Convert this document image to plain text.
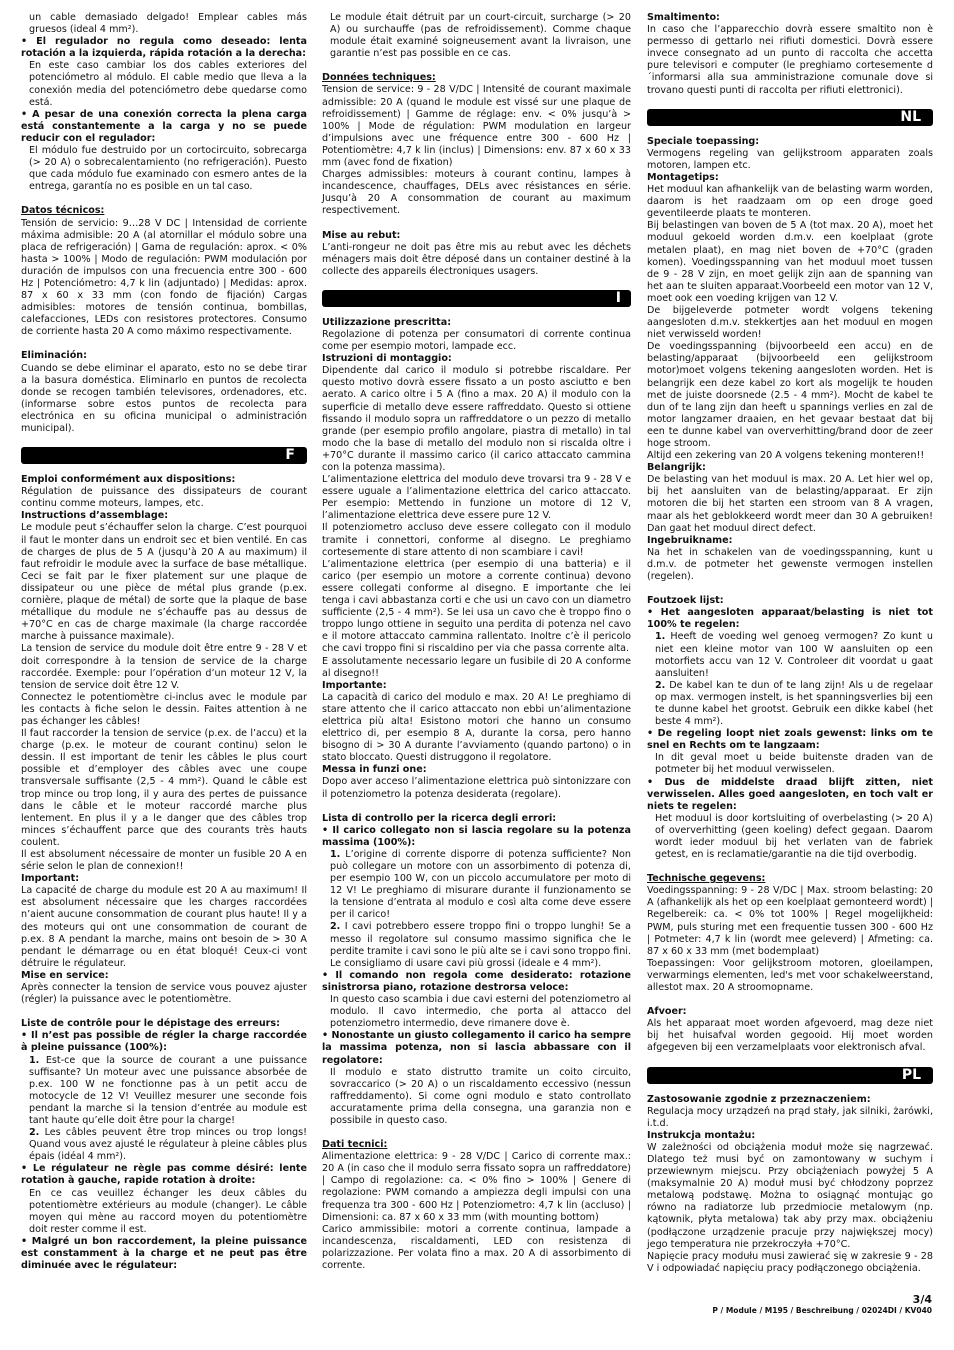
un cable demasiado delgado! Emplear cables más gruesos (ideal 4 mm²).

• El regulador no regula como deseado: lenta rotación a la izquierda, rápida rotación a la derecha:

En este caso cambiar los dos cables exteriores del potenciómetro al módulo. El cable medio que lleva a la conexión media del potenciómetro debe quedarse como está.

• A pesar de una conexión correcta la plena carga está constantemente a la carga y no se puede reducir con el regulador:

El módulo fue destruido por un cortocircuito, sobrecarga (> 20 A) o sobrecalentamiento (no refrigeración). Puesto que cada módulo fue examinado con esmero antes de la entrega, garantía no es posible en un tal caso.

Datos técnicos:

Tensión de servicio: 9…28 V DC | Intensidad de corriente máxima admisible: 20 A (al atornillar el módulo sobre una placa de refrigeración) | Gama de regulación: aprox. < 0% hasta > 100% | Modo de regulación: PWM modulación por duración de impulsos con una frecuencia entre 300 - 600 Hz | Potenciómetro: 4,7 k lin (adjuntado) | Medidas: aprox. 87 x 60 x 33 mm (con fondo de fijación) Cargas admisibles: motores de tensión continua, bombillas, calefacciones, LEDs con resistores protectores. Consumo de corriente hasta 20 A como máximo respectivamente.

Eliminación:

Cuando se debe eliminar el aparato, esto no se debe tirar a la basura doméstica. Eliminarlo en puntos de recolecta donde se recogen también televisores, ordenadores, etc. (informarse sobre estos puntos de recolecta para electrónica en su oficina municipal o administración municipal).

F

Emploi conformément aux dispositions:

Régulation de puissance des dissipateurs de courant continu comme moteurs, lampes, etc.

Instructions d’assemblage:

Le module peut s’échauffer selon la charge. C’est pourquoi il faut le monter dans un endroit sec et bien ventilé. En cas de charges de plus de 5 A (jusqu’à 20 A au maximum) il faut refroidir le module avec la surface de base métallique. Ceci se fait par le fixer platement sur une plaque de dissipateur ou une pièce de métal plus grande (p.ex. cornière, plaque de métal) de sorte que la plaque de base métallique du module ne s’échauffe pas au dessus de +70°C en cas de charge maximale (la charge raccordée marche à puissance maximale).

La tension de service du module doit être entre 9 - 28 V et doit correspondre à la tension de service de la charge raccordée. Exemple: pour l’opération d’un moteur 12 V, la tension de service doit être 12 V.

Connectez le potentiomètre ci-inclus avec le module par les contacts à fiche selon le dessin. Faites attention à ne pas échanger les câbles!

Il faut raccorder la tension de service (p.ex. de l’accu) et la charge (p.ex. le moteur de courant continu) selon le dessin. Il est important de tenir les câbles le plus court possible et d’employer des câbles avec une coupe transversale suffisante (2,5 - 4 mm²). Quand le câble est trop mince ou trop long, il y aura des pertes de puissance dans le câble et le moteur raccordé marche plus lentement. En plus il y a le danger que des câbles trop minces s’échauffent parce que des courants très hauts coulent.

Il est absolument nécessaire de monter un fusible 20 A en série selon le plan de connexion!!

Important:

La capacité de charge du module est 20 A au maximum! Il est absolument nécessaire que les charges raccordées n’aient aucune consommation de courant plus haute! Il y a des moteurs qui ont une consommation de courant de p.ex. 8 A pendant la marche, mains ont besoin de > 30 A pendant le démarrage ou en état bloqué! Ceux-ci vont détruire le régulateur.

Mise en service:

Après connecter la tension de service vous pouvez ajuster (régler) la puissance avec le potentiomètre.

Liste de contrôle pour le dépistage des erreurs:

• Il n’est pas possible de régler la charge raccordée à pleine puissance (100%):

1. Est-ce que la source de courant a une puissance suffisante? Un moteur avec une puissance absorbée de p.ex. 100 W ne fonctionne pas à un petit accu de motocycle de 12 V! Veuillez mesurer une seconde fois pendant la marche si la tension d’entrée au module est tant haute qu’elle doit être pour la charge!

2. Les câbles peuvent être trop minces ou trop longs! Quand vous avez ajusté le régulateur à pleine câbles plus épais (idéal 4 mm²).

• Le régulateur ne règle pas comme désiré: lente rotation à gauche, rapide rotation à droite:

En ce cas veuillez échanger les deux câbles du potentiomètre extérieurs au module (changer). Le câble moyen qui mène au raccord moyen du potentiomètre doit rester comme il est.

• Malgré un bon raccordement, la pleine puissance est constamment à la charge et ne peut pas être diminuée avec le régulateur:

Le module était détruit par un court-circuit, surcharge (> 20 A) ou surchauffe (pas de refroidissement). Comme chaque module était examiné soigneusement avant la livraison, une garantie n’est pas possible en ce cas.

Données techniques:

Tension de service: 9 - 28 V/DC | Intensité de courant maximale admissible: 20 A (quand le module est vissé sur une plaque de refroidissement) | Gamme de réglage: env. < 0% jusqu’à > 100% | Mode de régulation: PWM modulation en largeur d’impulsions avec une fréquence entre 300 - 600 Hz | Potentiomètre: 4,7 k lin (inclus) | Dimensions: env. 87 x 60 x 33 mm (avec fond de fixation)

Charges admissibles: moteurs à courant continu, lampes à incandescence, chauffages, DELs avec résistances en série. Jusqu’à 20 A consommation de courant au maximum respectivement.

Mise au rebut:

L’anti-rongeur ne doit pas être mis au rebut avec les déchets ménagers mais doit être déposé dans un container destiné à la collecte des appareils électroniques usagers.

I

Utilizzazione prescritta:

Regolazione di potenza per consumatori di corrente continua come per esempio motori, lampade ecc.

Istruzioni di montaggio:

Dipendente dal carico il modulo si potrebbe riscaldare. Per questo motivo dovrà essere fissato a un posto asciutto e ben aerato. A carico oltre i 5 A (fino a max. 20 A) il modulo con la superficie di metallo deve essere raffreddato. Questo si ottiene fissando il modulo sopra un raffreddatore o un pezzo di metallo grande (per esempio profilo angolare, piastra di metallo) in tal modo che la base di metallo del modulo non si riscalda oltre i +70°C durante il massimo carico (il carico attaccato cammina con la potenza massima).

L’alimentazione elettrica del modulo deve trovarsi tra 9 - 28 V e essere uguale a l’alimentazione elettrica del carico attaccato. Per esempio: Mettendo in funzione un motore di 12 V, l’alimentazione elettrica deve essere pure 12 V.

Il potenziometro accluso deve essere collegato con il modulo tramite i connettori, conforme al disegno. Le preghiamo cortesemente di stare attento di non scambiare i cavi!

L’alimentazione elettrica (per esempio di una batteria) e il carico (per esempio un motore a corrente continua) devono essere collegati conforme al disegno. E importante che lei tenga i cavi abbastanza corti e che usi un cavo con un diametro sufficiente (2,5 - 4 mm²). Se lei usa un cavo che è troppo fino o troppo lungo ottiene in seguito una perdita di potenza nel cavo e il motore attaccato cammina rallentato. Inoltre c’è il pericolo che cavi troppo fini si riscaldino per via che passa corrente alta.

E assolutamente necessario legare un fusibile di 20 A conforme al disegno!!

Importante:

La capacità di carico del modulo e max. 20 A! Le preghiamo di stare attento che il carico attaccato non ebbi un’alimentazione elettrica più alta! Esistono motori che hanno un consumo elettrico di, per esempio 8 A, durante la corsa, pero hanno bisogno di > 30 A durante l’avviamento (quando partono) o in stato bloccato. Questi distruggono il regolatore.

Messa in funzi one:

Dopo aver acceso l’alimentazione elettrica può sintonizzare con il potenziometro la potenza desiderata (regolare).

Lista di controllo per la ricerca degli errori:

• Il carico collegato non si lascia regolare su la potenza massima (100%):

1. L’origine di corrente disporre di potenza sufficiente? Non può collegare un motore con un assorbimento di potenza di, per esempio 100 W, con un piccolo accumulatore per moto di 12 V! Le preghiamo di misurare durante il funzionamento se la tensione d’entrata al modulo e così alta come deve essere per il carico!

2. I cavi potrebbero essere troppo fini o troppo lunghi! Se a messo il regolatore sul consumo massimo significa che le perdite tramite i cavi sono le più alte se i cavi sono troppo fini. Le consigliamo di usare cavi più grossi (ideale e 4 mm²).

• Il comando non regola come desiderato: rotazione sinistrorsa piano, rotazione destrorsa veloce:

In questo caso scambia i due cavi esterni del potenziometro al modulo. Il cavo intermedio, che porta al attacco del potenziometro intermedio, deve rimanere dove è.

• Nonostante un giusto collegamento il carico ha sempre la massima potenza, non si lascia abbassare con il regolatore:

Il modulo e stato distrutto tramite un coito circuito, sovraccarico (> 20 A) o un riscaldamento eccessivo (nessun raffreddamento). Si come ogni modulo e stato controllato accuratamente prima della consegna, una garanzia non e possibile in questo caso.

Dati tecnici:

Alimentazione elettrica: 9 - 28 V/DC | Carico di corrente max.: 20 A (in caso che il modulo serra fissato sopra un raffreddatore) | Campo di regolazione: ca. < 0% fino > 100% | Genere di regolazione: PWM comando a ampiezza degli impulsi con una frequenza tra 300 - 600 Hz | Potenziometro: 4,7 k lin (accluso) | Dimensioni: ca. 87 x 60 x 33 mm (with mounting bottom)

Carico ammissibile: motori a corrente continua, lampade a incandescenza, riscaldamenti, LED con resistenza di polarizzazione. Per volata fino a max. 20 A di assorbimento di corrente.

Smaltimento:

In caso che l’apparecchio dovrà essere smaltito non è permesso di gettarlo nei rifiuti domestici. Dovrà essere invece consegnato ad un punto di raccolta che accetta pure televisori e computer (le preghiamo cortesemente d´informarsi alla sua amministrazione comunale dove si trovano questi punti di raccolta per rifiuti elettronici).

NL

Speciale toepassing:

Vermogens regeling van gelijkstroom apparaten zoals motoren, lampen etc.

Montagetips:

Het moduul kan afhankelijk van de belasting warm worden, daarom is het raadzaam om op een droge goed geventileerde plaats te monteren.

Bij belastingen van boven de 5 A (tot max. 20 A), moet het moduul gekoeld worden d.m.v. een koelplaat (grote metalen plaat), en mag niet boven de +70°C (graden komen). Voedingsspanning van het moduul moet tussen de 9 - 28 V zijn, en moet gelijk zijn aan de spanning van het aan te sluiten apparaat.Voorbeeld een motor van 12 V, moet ook een voeding krijgen van 12 V.

De bijgeleverde potmeter wordt volgens tekening aangesloten d.m.v. stekkertjes aan het moduul en mogen niet verwisseld worden!

De voedingsspanning (bijvoorbeeld een accu) en de belasting/apparaat (bijvoorbeeld een gelijkstroom motor)moet volgens tekening aangesloten worden. Het is belangrijk een deze kabel zo kort als mogelijk te houden met de juiste doorsnede (2.5 - 4 mm²). Mocht de kabel te dun of te lang zijn dan heeft u spannings verlies en zal de motor langzamer draaien, en het gevaar bestaat dat bij een te dunne kabel van oververhitting/brand door de zeer hoge stroom.

Altijd een zekering van 20 A volgens tekening monteren!!

Belangrijk:

De belasting van het moduul is max. 20 A. Let hier wel op, bij het aansluiten van de belasting/apparaat. Er zijn motoren die bij het starten een stroom van 8 A vragen, maar als het geblokkeerd wordt meer dan 30 A gebruiken! Dan gaat het moduul direct defect.

Ingebruikname:

Na het in schakelen van de voedingsspanning, kunt u d.m.v. de potmeter het gewenste vermogen instellen (regelen).

Foutzoek lijst:

• Het aangesloten apparaat/belasting is niet tot 100% te regelen:

1. Heeft de voeding wel genoeg vermogen? Zo kunt u niet een kleine motor van 100 W aansluiten op een motorfiets accu van 12 V. Controleer dit voordat u gaat aansluiten!

2. De kabel kan te dun of te lang zijn! Als u de regelaar op max. vermogen instelt, is het spanningsverlies bij een te dunne kabel het grootst. Gebruik een dikke kabel (het beste 4 mm²).

• De regeling loopt niet zoals gewenst: links om te snel en Rechts om te langzaam:

In dit geval moet u beide buitenste draden van de potmeter bij het moduul verwisselen.

• Dus de middelste draad blijft zitten, niet verwisselen. Alles goed aangesloten, en toch valt er niets te regelen:

Het moduul is door kortsluiting of overbelasting (> 20 A) of oververhitting (geen koeling) defect gegaan. Daarom wordt ieder moduul bij het verlaten van de fabriek getest, en is reclamatie/garantie na die tijd overbodig.

Technische gegevens:

Voedingsspanning: 9 - 28 V/DC | Max. stroom belasting: 20 A (afhankelijk als het op een koelplaat gemonteerd wordt) | Regelbereik: ca. < 0% tot 100% | Regel mogelijkheid: PWM, puls sturing met een frequentie tussen 300 - 600 Hz | Potmeter: 4,7 k lin (wordt mee geleverd) | Afmeting: ca. 87 x 60 x 33 mm (met bodemplaat)

Toepassingen: Voor gelijkstroom motoren, gloeilampen, verwarmings elementen, led's met voor schakelweerstand, allestot max. 20 A stroomopname.

Afvoer:

Als het apparaat moet worden afgevoerd, mag deze niet bij het huisafval worden gegooid. Hij moet worden afgegeven bij een verzamelplaats voor elektronisch afval.

PL

Zastosowanie zgodnie z przeznaczeniem:

Regulacja mocy urządzeń na prąd stały, jak silniki, żarówki, i.t.d.

Instrukcja montażu:

W zależności od obciążenia moduł może się nagrzewać. Dlatego też musi być on zamontowany w suchym i przewiewnym miejscu. Przy obciążeniach powyżej 5 A (maksymalnie 20 A) moduł musi być chłodzony poprzez metalową podstawę. Można to osiągnąć montując go równo na radiatorze lub przedmiocie metalowym (np. kątownik, płyta metalowa) tak aby przy max. obciążeniu (podłączone urządzenie pracuje przy największej mocy) jego temperatura nie przekroczyła +70°C.

Napięcie pracy modułu musi zawierać się w zakresie 9 - 28 V i odpowiadać napięciu pracy podłączonego obciążenia.

3/4
P / Module / M195 / Beschreibung / 02024DI / KV040
